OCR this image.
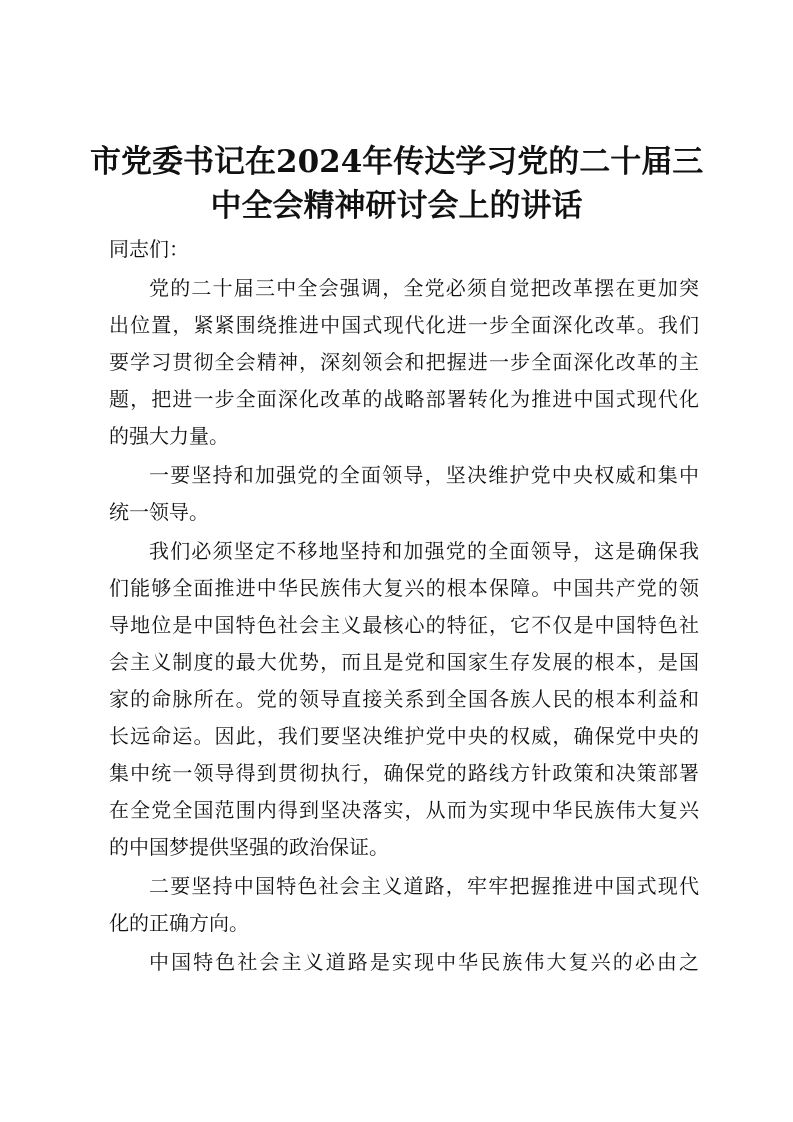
市党委书记在2024年传达学习党的二十届三
中全会精神研讨会上的讲话

同志们：

党的二十届三中全会强调，全党必须自觉把改革摆在更加突

出位置，紧紧围绕推进中国式现代化进一步全面深化改革。我们

要学习贯彻全会精神，深刻领会和把握进一步全面深化改革的主

题，把进一步全面深化改革的战略部署转化为推进中国式现代化

的强大力量。

一要坚持和加强党的全面领导，坚决维护党中央权威和集中

统一领导。

我们必须坚定不移地坚持和加强党的全面领导，这是确保我

们能够全面推进中华民族伟大复兴的根本保障。中国共产党的领

导地位是中国特色社会主义最核心的特征，它不仅是中国特色社

会主义制度的最大优势，而且是党和国家生存发展的根本，是国

家的命脉所在。党的领导直接关系到全国各族人民的根本利益和

长远命运。因此，我们要坚决维护党中央的权威，确保党中央的

集中统一领导得到贯彻执行，确保党的路线方针政策和决策部署

在全党全国范围内得到坚决落实，从而为实现中华民族伟大复兴

的中国梦提供坚强的政治保证。

二要坚持中国特色社会主义道路，牢牢把握推进中国式现代

化的正确方向。

中国特色社会主义道路是实现中华民族伟大复兴的必由之
